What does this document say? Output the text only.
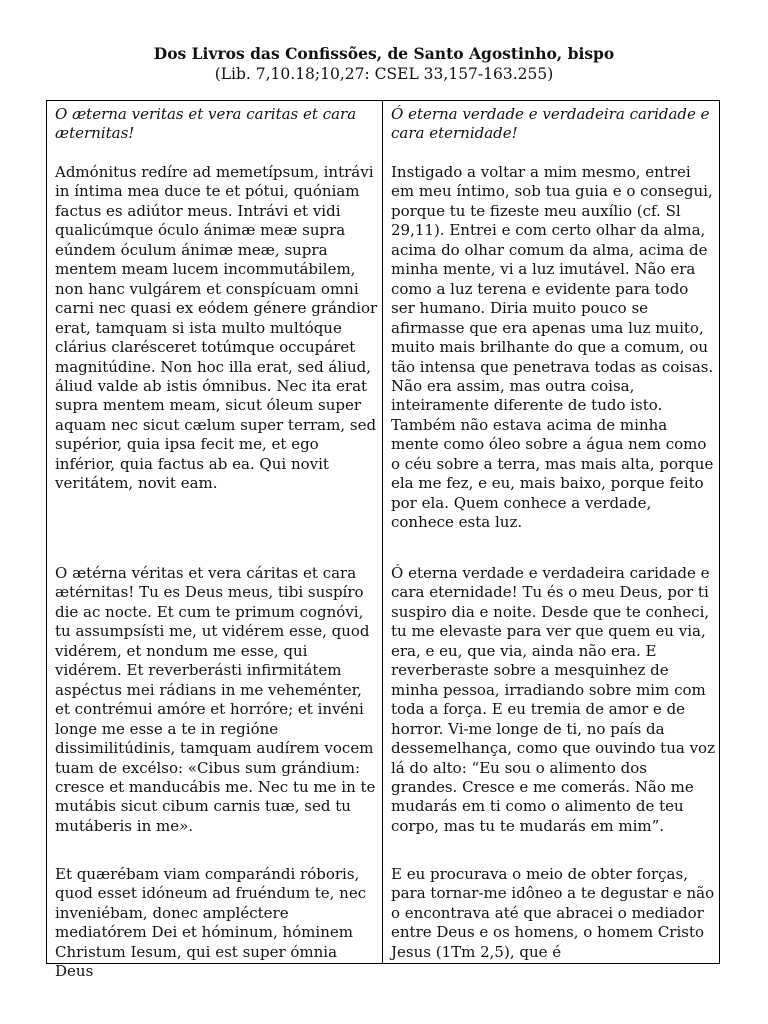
Dos Livros das Confissões, de Santo Agostinho, bispo
(Lib. 7,10.18;10,27: CSEL 33,157-163.255)

O æterna veritas et vera caritas et cara æternitas!

Admónitus redíre ad memetípsum, intrávi in íntima mea duce te et pótui, quóniam factus es adiútor meus. Intrávi et vidi qualicúmque óculo ánimæ meæ supra eúndem óculum ánimæ meæ, supra mentem meam lucem incommutábilem, non hanc vulgárem et conspícuam omni carni nec quasi ex eódem génere grándior erat, tamquam si ista multo multóque clárius clarésceret totúmque occupáret magnitúdine. Non hoc illa erat, sed áliud, áliud valde ab istis ómnibus. Nec ita erat supra mentem meam, sicut óleum super aquam nec sicut cælum super terram, sed supérior, quia ipsa fecit me, et ego inférior, quia factus ab ea. Qui novit veritátem, novit eam.

O ætérna véritas et vera cáritas et cara ætérnitas! Tu es Deus meus, tibi suspíro die ac nocte. Et cum te primum cognóvi, tu assumpsísti me, ut vidérem esse, quod vidérem, et nondum me esse, qui vidérem. Et reverberásti infirmitátem aspéctus mei rádians in me veheménter, et contrémui amóre et horróre; et invéni longe me esse a te in regióne dissimilitúdinis, tamquam audírem vocem tuam de excélso: «Cibus sum grándium: cresce et manducábis me. Nec tu me in te mutábis sicut cibum carnis tuæ, sed tu mutáberis in me».

Et quærébam viam comparándi róboris, quod esset idóneum ad fruéndum te, nec inveniébam, donec ampléctere mediatórem Dei et hóminum, hóminem Christum Iesum, qui est super ómnia Deus

Ó eterna verdade e verdadeira caridade e cara eternidade!

Instigado a voltar a mim mesmo, entrei em meu íntimo, sob tua guia e o consegui, porque tu te fizeste meu auxílio (cf. Sl 29,11). Entrei e com certo olhar da alma, acima do olhar comum da alma, acima de minha mente, vi a luz imutável. Não era como a luz terena e evidente para todo ser humano. Diria muito pouco se afirmasse que era apenas uma luz muito, muito mais brilhante do que a comum, ou tão intensa que penetrava todas as coisas. Não era assim, mas outra coisa, inteiramente diferente de tudo isto. Também não estava acima de minha mente como óleo sobre a água nem como o céu sobre a terra, mas mais alta, porque ela me fez, e eu, mais baixo, porque feito por ela. Quem conhece a verdade, conhece esta luz.

Ó eterna verdade e verdadeira caridade e cara eternidade! Tu és o meu Deus, por ti suspiro dia e noite. Desde que te conheci, tu me elevaste para ver que quem eu via, era, e eu, que via, ainda não era. E reverberaste sobre a mesquinhez de minha pessoa, irradiando sobre mim com toda a força. E eu tremia de amor e de horror. Vi-me longe de ti, no país da dessemelhança, como que ouvindo tua voz lá do alto: “Eu sou o alimento dos grandes. Cresce e me comerás. Não me mudarás em ti como o alimento de teu corpo, mas tu te mudarás em mim”.

E eu procurava o meio de obter forças, para tornar-me idôneo a te degustar e não o encontrava até que abracei o mediador entre Deus e os homens, o homem Cristo Jesus (1Tm 2,5), que é
